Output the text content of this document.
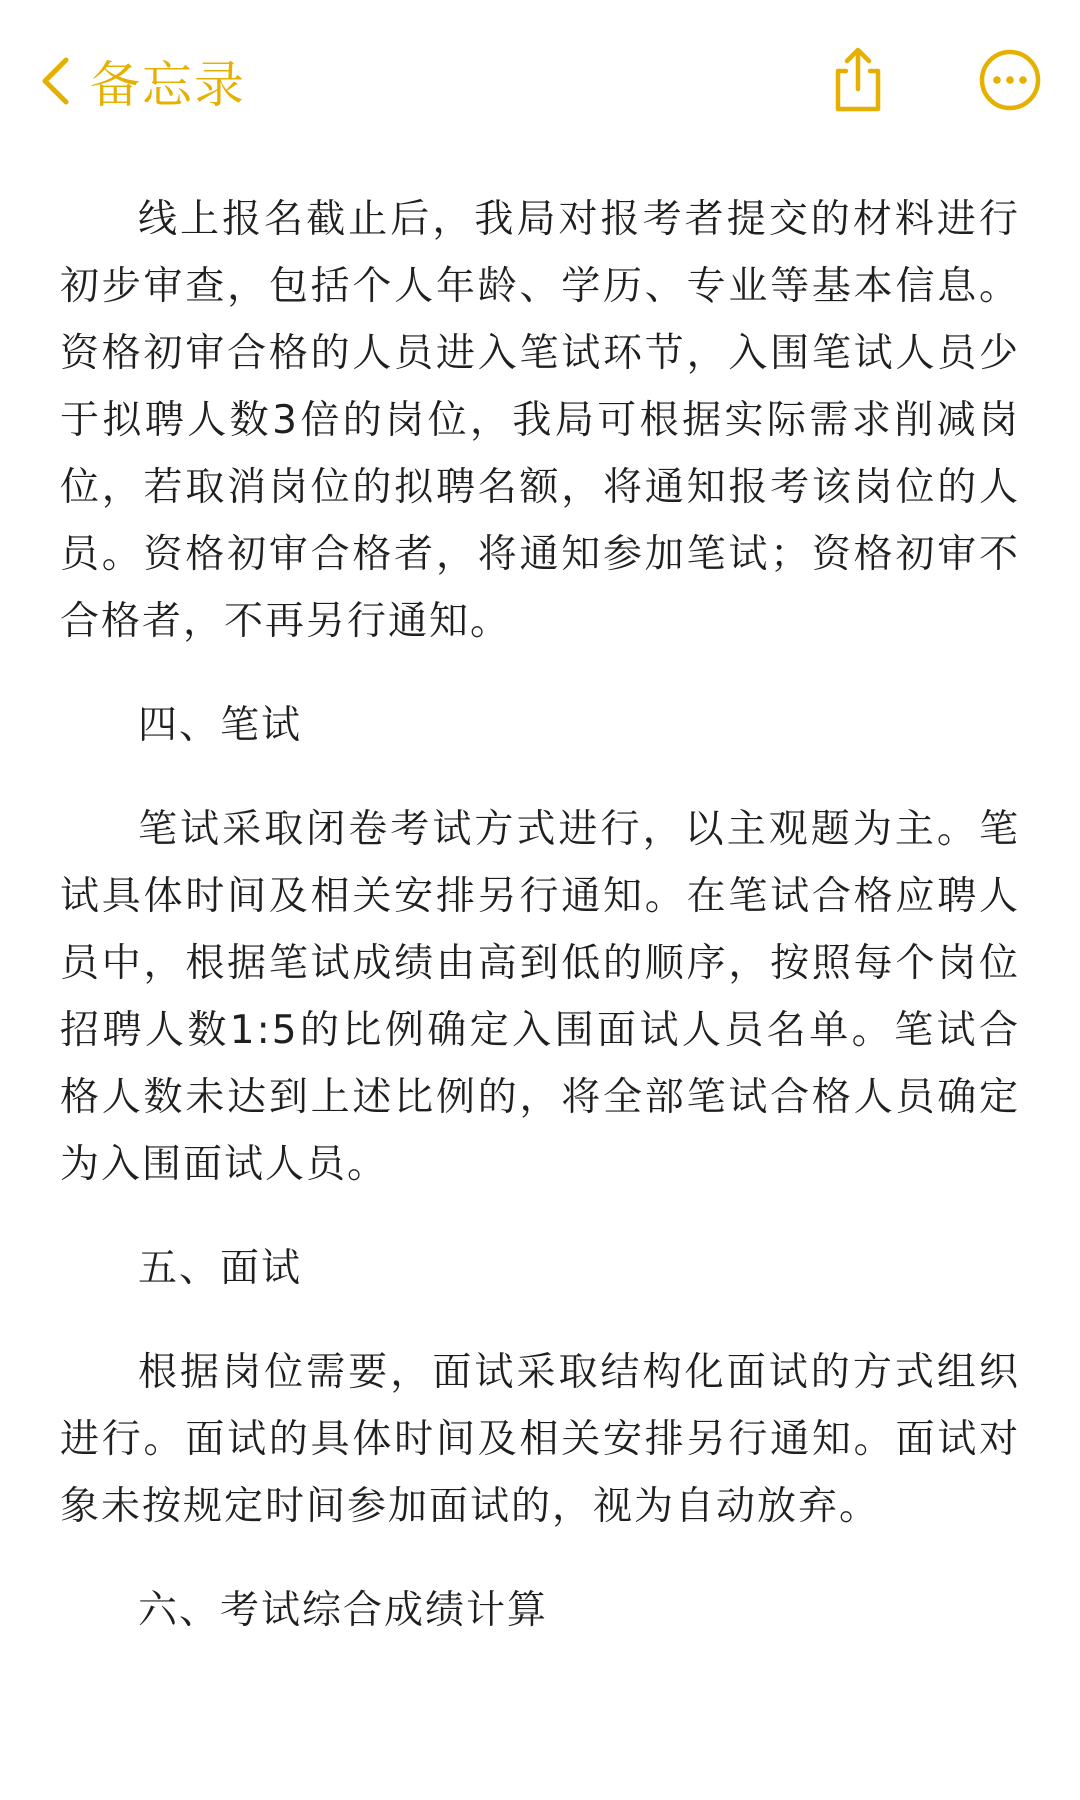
备忘录

线上报名截止后，我局对报考者提交的材料进行初步审查，包括个人年龄、学历、专业等基本信息。资格初审合格的人员进入笔试环节，入围笔试人员少于拟聘人数3倍的岗位，我局可根据实际需求削减岗位，若取消岗位的拟聘名额，将通知报考该岗位的人员。资格初审合格者，将通知参加笔试；资格初审不合格者，不再另行通知。

四、笔试

笔试采取闭卷考试方式进行，以主观题为主。笔试具体时间及相关安排另行通知。在笔试合格应聘人员中，根据笔试成绩由高到低的顺序，按照每个岗位招聘人数1:5的比例确定入围面试人员名单。笔试合格人数未达到上述比例的，将全部笔试合格人员确定为入围面试人员。

五、面试

根据岗位需要，面试采取结构化面试的方式组织进行。面试的具体时间及相关安排另行通知。面试对象未按规定时间参加面试的，视为自动放弃。

六、考试综合成绩计算
